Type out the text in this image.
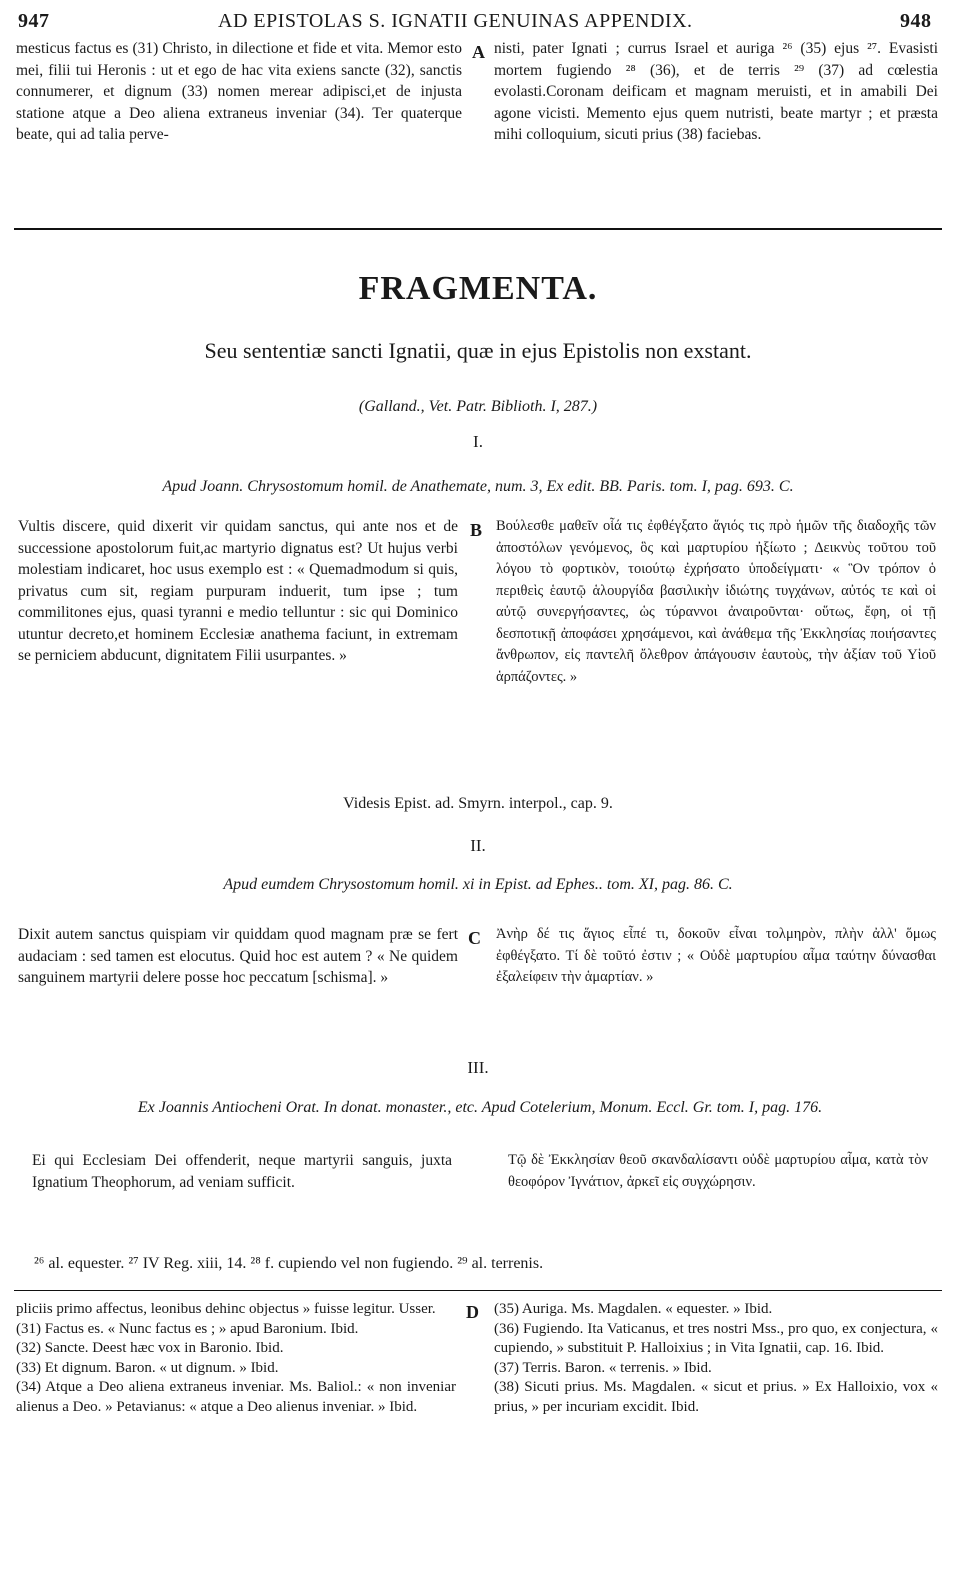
947	AD EPISTOLAS S. IGNATII GENUINAS APPENDIX.	948

mesticus factus es (31) Christo, in dilectione et fide et vita. Memor esto mei, filii tui Heronis : ut et ego de hac vita exiens sancte (32), sanctis connumerer, et dignum (33) nomen merear adipisci,et de injusta statione atque a Deo aliena extraneus inveniar (34). Ter quaterque beate, qui ad talia perve-

A nisti, pater Ignati ; currus Israel et auriga ²⁶ (35) ejus ²⁷. Evasisti mortem fugiendo ²⁸ (36), et de terris ²⁹ (37) ad cœlestia evolasti.Coronam deificam et magnam meruisti, et in amabili Dei agone vicisti. Memento ejus quem nutristi, beate martyr ; et præsta mihi colloquium, sicuti prius (38) faciebas.

FRAGMENTA.
Seu sententiæ sancti Ignatii, quæ in ejus Epistolis non exstant.
(Galland., Vet. Patr. Biblioth. I, 287.)
I.
Apud Joann. Chrysostomum homil. de Anathemate, num. 3, Ex edit. BB. Paris. tom. I, pag. 693. C.

Vultis discere, quid dixerit vir quidam sanctus, qui ante nos et de successione apostolorum fuit,ac martyrio dignatus est? Ut hujus verbi molestiam indicaret, hoc usus exemplo est : « Quemadmodum si quis, privatus cum sit, regiam purpuram induerit, tum ipse ; tum commilitones ejus, quasi tyranni e medio telluntur : sic qui Dominico utuntur decreto,et hominem Ecclesiæ anathema faciunt, in extremam se perniciem abducunt, dignitatem Filii usurpantes. »

B Βούλεσθε μαθεῖν οἷά τις ἐφθέγξατο ἅγιός τις πρὸ ἡμῶν τῆς διαδοχῆς τῶν ἀποστόλων γενόμενος, ὃς καὶ μαρτυρίου ἠξίωτο ; Δεικνὺς τοῦτου τοῦ λόγου τὸ φορτικὸν, τοιούτῳ ἐχρήσατο ὑποδείγματι· « Ὃν τρόπον ὁ περιθεὶς ἑαυτῷ ἁλουργίδα βασιλικὴν ἰδιώτης τυγχάνων, αὐτός τε καὶ οἱ αὐτῷ συνεργήσαντες, ὡς τύραννοι ἀναιροῦνται· οὕτως, ἔφη, οἱ τῇ δεσποτικῇ ἀποφάσει χρησάμενοι, καὶ ἀνάθεμα τῆς Ἐκκλησίας ποιήσαντες ἄνθρωπον, εἰς παντελῆ ὄλεθρον ἀπάγουσιν ἑαυτοὺς, τὴν ἀξίαν τοῦ Υἱοῦ ἁρπάζοντες. »

Videsis Epist. ad. Smyrn. interpol., cap. 9.
II.
Apud eumdem Chrysostomum homil. xi in Epist. ad Ephes.. tom. XI, pag. 86. C.

Dixit autem sanctus quispiam vir quiddam quod magnam præ se fert audaciam : sed tamen est elocutus. Quid hoc est autem ? « Ne quidem sanguinem martyrii delere posse hoc peccatum [schisma]. »

C Ἀνὴρ δέ τις ἅγιος εἶπέ τι, δοκοῦν εἶναι τολμηρὸν, πλὴν ἀλλ' ὅμως ἐφθέγξατο. Τί δὲ τοῦτό ἐστιν ; « Οὐδὲ μαρτυρίου αἷμα ταύτην δύνασθαι ἐξαλείφειν τὴν ἁμαρτίαν. »

III.
Ex Joannis Antiocheni Orat. In donat. monaster., etc. Apud Cotelerium, Monum. Eccl. Gr. tom. I, pag. 176.

Ei qui Ecclesiam Dei offenderit, neque martyrii sanguis, juxta Ignatium Theophorum, ad veniam sufficit.

Τῷ δὲ Ἐκκλησίαν θεοῦ σκανδαλίσαντι οὐδὲ μαρτυρίου αἷμα, κατὰ τὸν θεοφόρον Ἰγνάτιον, ἀρκεῖ εἰς συγχώρησιν.

²⁶ al. equester. ²⁷ IV Reg. xiii, 14. ²⁸ f. cupiendo vel non fugiendo. ²⁹ al. terrenis.

pliciis primo affectus, leonibus dehinc objectus » fuisse legitur. Usser.

(31) Factus es. « Nunc factus es ; » apud Baronium. Ibid.

(32) Sancte. Deest hæc vox in Baronio. Ibid.

(33) Et dignum. Baron. « ut dignum. » Ibid.

(34) Atque a Deo aliena extraneus inveniar. Ms. Baliol.: « non inveniar alienus a Deo. » Petavianus: « atque a Deo alienus inveniar. » Ibid.

D (35) Auriga. Ms. Magdalen. « equester. » Ibid.

(36) Fugiendo. Ita Vaticanus, et tres nostri Mss., pro quo, ex conjectura, « cupiendo, » substituit P. Halloixius ; in Vita Ignatii, cap. 16. Ibid.

(37) Terris. Baron. « terrenis. » Ibid.

(38) Sicuti prius. Ms. Magdalen. « sicut et prius. » Ex Halloixio, vox « prius, » per incuriam excidit. Ibid.
